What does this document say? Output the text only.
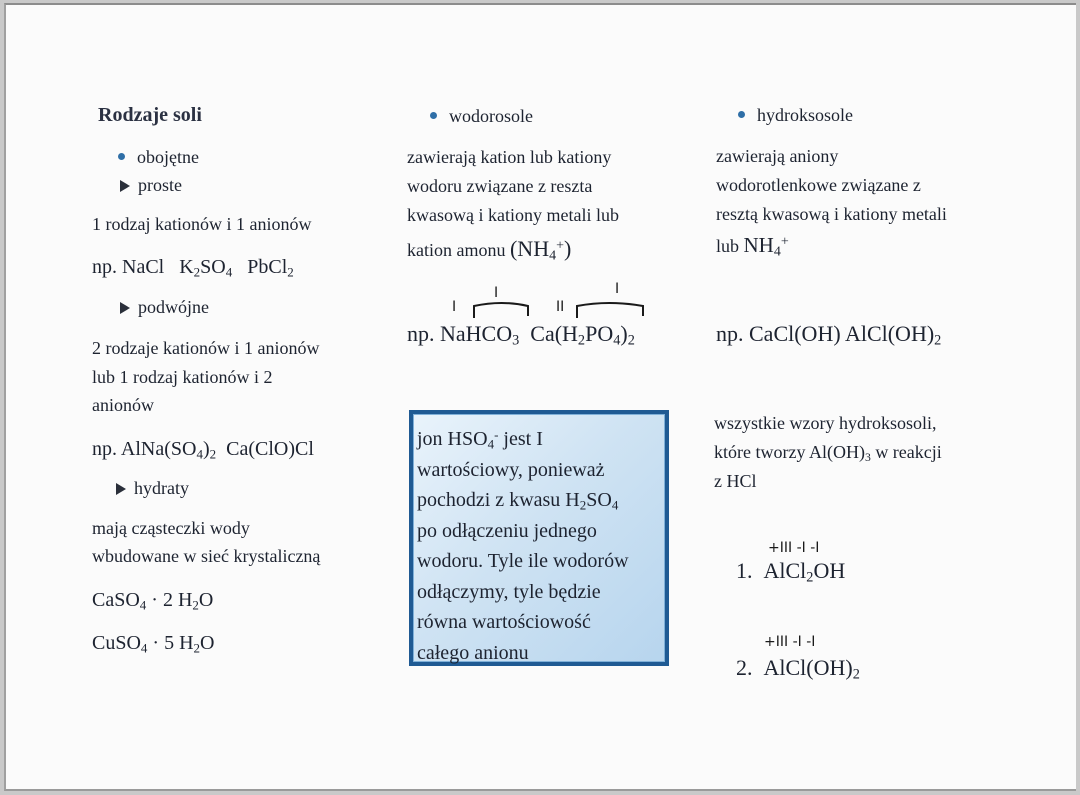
Rodzaje soli
obojętne
proste
1 rodzaj kationów i 1 anionów
np. NaCl $K_2SO_4$ PbCl$_2$
podwójne
2 rodzaje kationów i 1 anionów
lub 1 rodzaj kationów i 2
anionów
np. $AlNa(SO_4)_2$ Ca(ClO)Cl
hydraty
mają cząsteczki wody
wbudowane w sieć krystaliczną
CaSO$_4$ · 2 $H_2O$
CuSO$_4$ · 5 $H_2O$
wodorosole
zawierają kation lub kationy
wodoru związane z reszta
kwasową i kationy metali lub
kation amonu $(NH_4^+)$
I
I
II
I
np. NaHCO$_3$ $Ca(H_2PO_4)_2$
jon $HSO_4^-$ jest I
wartościowy, ponieważ
pochodzi z kwasu $H_2SO_4$
po odłączeniu jednego
wodoru. Tyle ile wodorów
odłączymy, tyle będzie
równa wartościowość
całego anionu
hydroksosole
zawierają aniony
wodorotlenkowe związane z
resztą kwasową i kationy metali
lub $NH_4^+$
np. CaCl(OH) $AlCl(OH)_2$
wszystkie wzory hydroksosoli,
które tworzy $Al(OH)_3$ w reakcji
z HCl
+III -I -I
1. AlCl$_2$OH
+III -I -I
2. $AlCl(OH)_2$
